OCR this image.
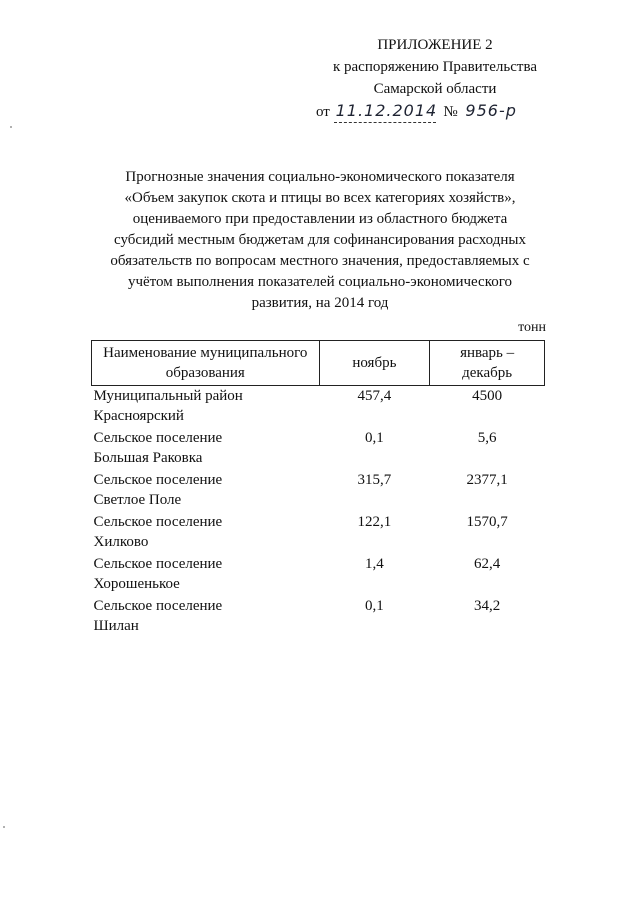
ПРИЛОЖЕНИЕ 2
к распоряжению Правительства
Самарской области
от 11.12.2014 № 956-р
Прогнозные значения социально-экономического показателя
«Объем закупок скота и птицы во всех категориях хозяйств»,
оцениваемого при предоставлении из областного бюджета
субсидий местным бюджетам для софинансирования расходных
обязательств по вопросам местного значения, предоставляемых с
учётом выполнения показателей социально-экономического
развития, на 2014 год
тонн
Наименование муниципального
образования	ноябрь	январь –
декабрь

Муниципальный район
Красноярский	457,4	4500

Сельское поселение
Большая Раковка	0,1	5,6

Сельское поселение
Светлое Поле	315,7	2377,1

Сельское поселение
Хилково	122,1	1570,7

Сельское поселение
Хорошенькое	1,4	62,4

Сельское поселение
Шилан	0,1	34,2
